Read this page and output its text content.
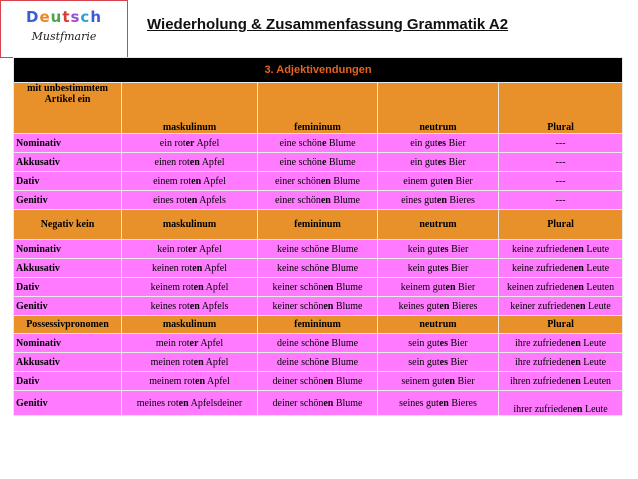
Deutsch
Mustfmarie
Wiederholung & Zusammenfassung Grammatik A2
3. Adjektivendungen				
mit unbestimmtem Artikel ein	maskulinum	femininum	neutrum	Plural
Nominativ	ein roter Apfel	eine schöne Blume	ein gutes Bier	---
Akkusativ	einen roten Apfel	eine schöne Blume	ein gutes Bier	---
Dativ	einem roten Apfel	einer schönen Blume	einem guten Bier	---
Genitiv	eines roten Apfels	einer schönen Blume	eines guten Bieres	---
Negativ kein	maskulinum	femininum	neutrum	Plural
Nominativ	kein roter Apfel	keine schöne Blume	kein gutes Bier	keine zufriedenen Leute
Akkusativ	keinen roten Apfel	keine schöne Blume	kein gutes Bier	keine zufriedenen Leute
Dativ	keinem roten Apfel	keiner schönen Blume	keinem guten Bier	keinen zufriedenen Leuten
Genitiv	keines roten Apfels	keiner schönen Blume	keines guten Bieres	keiner zufriedenen Leute
Possessivpronomen	maskulinum	femininum	neutrum	Plural
Nominativ	mein roter Apfel	deine schöne Blume	sein gutes Bier	ihre zufriedenen Leute
Akkusativ	meinen roten Apfel	deine schöne Blume	sein gutes Bier	ihre zufriedenen Leute
Dativ	meinem roten Apfel	deiner schönen Blume	seinem guten Bier	ihren zufriedenen Leuten
Genitiv	meines roten Apfelsdeiner	deiner schönen Blume	seines guten Bieres	ihrer zufriedenen Leute
